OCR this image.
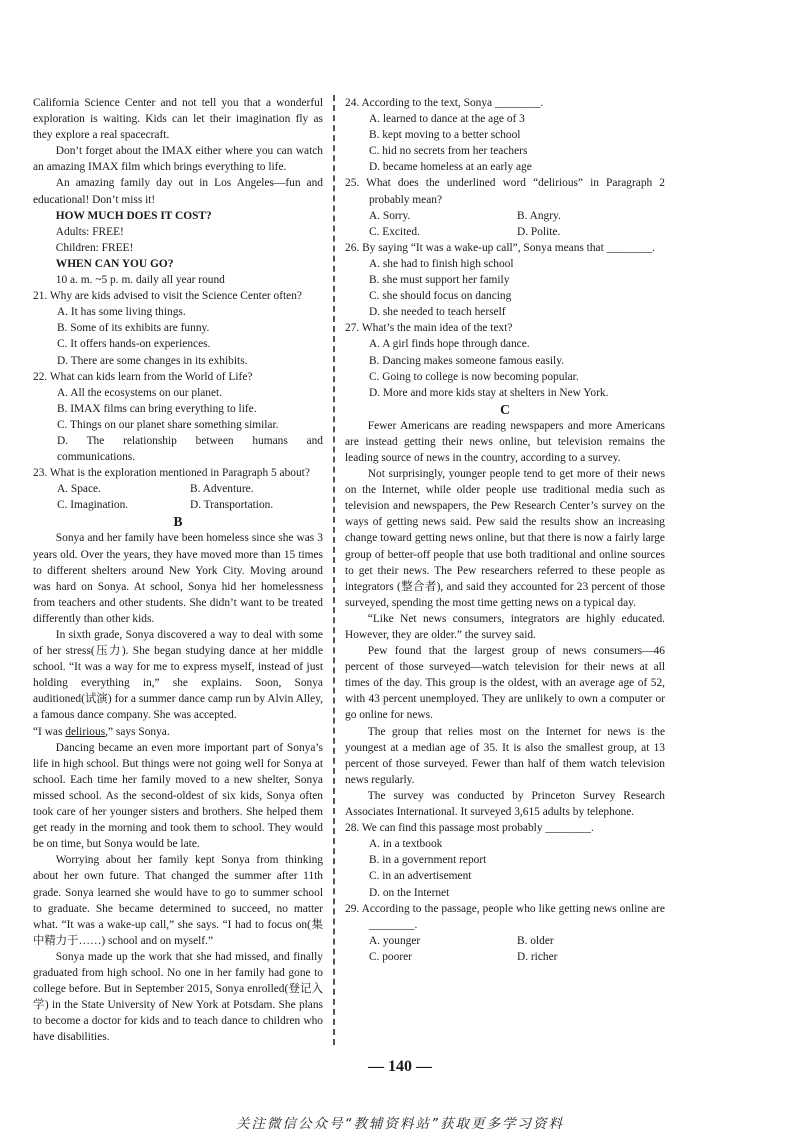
California Science Center and not tell you that a wonderful exploration is waiting. Kids can let their imagination fly as they explore a real spacecraft.

Don’t forget about the IMAX either where you can watch an amazing IMAX film which brings everything to life.

An amazing family day out in Los Angeles—fun and educational! Don’t miss it!

HOW MUCH DOES IT COST?

Adults: FREE!

Children: FREE!

WHEN CAN YOU GO?

10 a. m. ~5 p. m. daily all year round

21. Why are kids advised to visit the Science Center often?

A. It has some living things.

B. Some of its exhibits are funny.

C. It offers hands-on experiences.

D. There are some changes in its exhibits.

22. What can kids learn from the World of Life?

A. All the ecosystems on our planet.

B. IMAX films can bring everything to life.

C. Things on our planet share something similar.

D. The relationship between humans and communications.

23. What is the exploration mentioned in Paragraph 5 about?

A. Space.	B. Adventure.
C. Imagination.	D. Transportation.

B

Sonya and her family have been homeless since she was 3 years old. Over the years, they have moved more than 15 times to different shelters around New York City. Moving around was hard on Sonya. At school, Sonya hid her homelessness from teachers and other students. She didn’t want to be treated differently than other kids.

In sixth grade, Sonya discovered a way to deal with some of her stress(压力). She began studying dance at her middle school. “It was a way for me to express myself, instead of just holding everything in,” she explains. Soon, Sonya auditioned(试演) for a summer dance camp run by Alvin Alley, a famous dance company. She was accepted.
“I was delirious,” says Sonya.

Dancing became an even more important part of Sonya’s life in high school. But things were not going well for Sonya at school. Each time her family moved to a new shelter, Sonya missed school. As the second-oldest of six kids, Sonya often took care of her younger sisters and brothers. She helped them get ready in the morning and took them to school. They would be on time, but Sonya would be late.

Worrying about her family kept Sonya from thinking about her own future. That changed the summer after 11th grade. Sonya learned she would have to go to summer school to graduate. She became determined to succeed, no matter what. “It was a wake-up call,” she says. “I had to focus on(集中精力于……) school and on myself.”

Sonya made up the work that she had missed, and finally graduated from high school. No one in her family had gone to college before. But in September 2015, Sonya enrolled(登记入学) in the State University of New York at Potsdam. She plans to become a doctor for kids and to teach dance to children who have disabilities.

24. According to the text, Sonya ________.

A. learned to dance at the age of 3

B. kept moving to a better school

C. hid no secrets from her teachers

D. became homeless at an early age

25. What does the underlined word “delirious” in Paragraph 2 probably mean?

A. Sorry.	B. Angry.
C. Excited.	D. Polite.

26. By saying “It was a wake-up call”, Sonya means that ________.

A. she had to finish high school

B. she must support her family

C. she should focus on dancing

D. she needed to teach herself

27. What’s the main idea of the text?

A. A girl finds hope through dance.

B. Dancing makes someone famous easily.

C. Going to college is now becoming popular.

D. More and more kids stay at shelters in New York.

C

Fewer Americans are reading newspapers and more Americans are instead getting their news online, but television remains the leading source of news in the country, according to a survey.

Not surprisingly, younger people tend to get more of their news on the Internet, while older people use traditional media such as television and newspapers, the Pew Research Center’s survey on the ways of getting news said. Pew said the results show an increasing change toward getting news online, but that there is now a fairly large group of better-off people that use both traditional and online sources to get their news. The Pew researchers referred to these people as integrators (整合者), and said they accounted for 23 percent of those surveyed, spending the most time getting news on a typical day.

“Like Net news consumers, integrators are highly educated. However, they are older.” the survey said.

Pew found that the largest group of news consumers—46 percent of those surveyed—watch television for their news at all times of the day. This group is the oldest, with an average age of 52, with 43 percent unemployed. They are unlikely to own a computer or go online for news.

The group that relies most on the Internet for news is the youngest at a median age of 35. It is also the smallest group, at 13 percent of those surveyed. Fewer than half of them watch television news regularly.

The survey was conducted by Princeton Survey Research Associates International. It surveyed 3,615 adults by telephone.

28. We can find this passage most probably ________.

A. in a textbook

B. in a government report

C. in an advertisement

D. on the Internet

29. According to the passage, people who like getting news online are ________.

A. younger	B. older
C. poorer	D. richer
— 140 —
关注微信公众号“教辅资料站”获取更多学习资料
